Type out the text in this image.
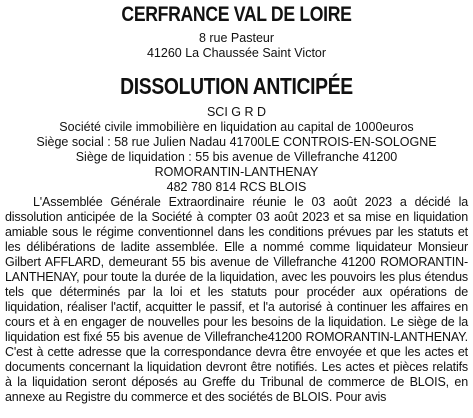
CERFRANCE VAL DE LOIRE
8 rue Pasteur
41260 La Chaussée Saint Victor
DISSOLUTION ANTICIPÉE
SCI G R D
Société civile immobilière en liquidation au capital de 1000euros
Siège social : 58 rue Julien Nadau 41700LE CONTROIS-EN-SOLOGNE
Siège de liquidation : 55 bis avenue de Villefranche 41200
ROMORANTIN-LANTHENAY
482 780 814 RCS BLOIS

L'Assemblée Générale Extraordinaire réunie le 03 août 2023 a décidé la dissolution anticipée de la Société à compter 03 août 2023 et sa mise en liquidation amiable sous le régime conventionnel dans les conditions prévues par les statuts et les délibérations de ladite assemblée. Elle a nommé comme liquidateur Monsieur Gilbert AFFLARD, demeurant 55 bis avenue de Villefranche 41200 ROMORANTIN-LANTHENAY, pour toute la durée de la liquidation, avec les pouvoirs les plus étendus tels que déterminés par la loi et les statuts pour procéder aux opérations de liquidation, réaliser l'actif, acquitter le passif, et l'a autorisé à continuer les affaires en cours et à en engager de nouvelles pour les besoins de la liquidation. Le siège de la liquidation est fixé 55 bis avenue de Villefranche41200 ROMORANTIN-LANTHENAY. C'est à cette adresse que la correspondance devra être envoyée et que les actes et documents concernant la liquidation devront être notifiés. Les actes et pièces relatifs à la liquidation seront déposés au Greffe du Tribunal de commerce de BLOIS, en annexe au Registre du commerce et des sociétés de BLOIS. Pour avis
